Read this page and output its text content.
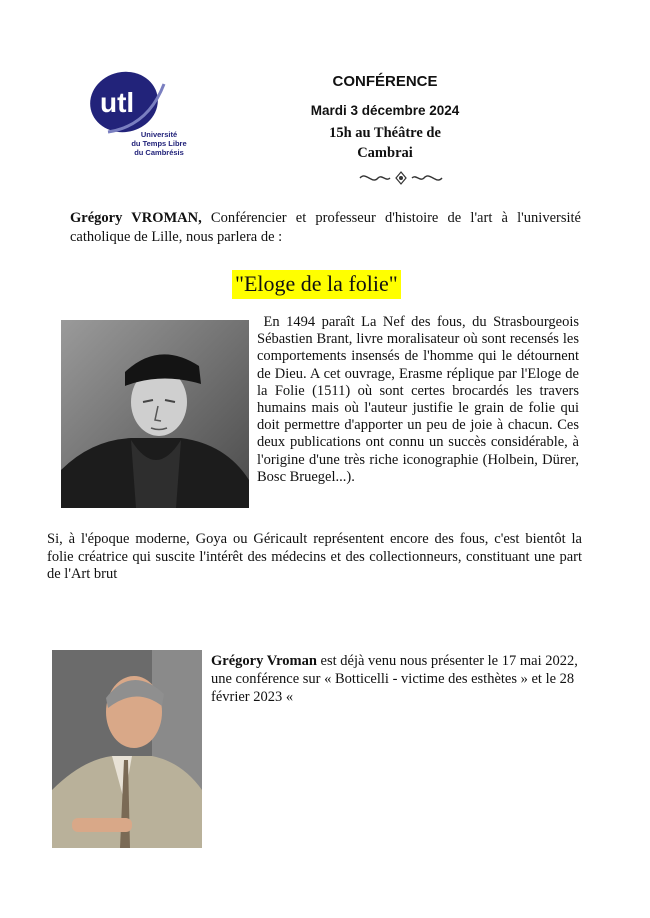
utl
Université
du Temps Libre
du Cambrésis
CONFÉRENCE
Mardi 3 décembre 2024
15h au Théâtre de
Cambrai
Grégory VROMAN, Conférencier et professeur d'histoire de l'art à l'université catholique de Lille, nous parlera de :
"Eloge de la folie"
En 1494 paraît La Nef des fous, du Strasbourgeois Sébastien Brant, livre moralisateur où sont recensés les comportements insensés de l'homme qui le détournent de Dieu. A cet ouvrage, Erasme réplique par l'Eloge de la Folie (1511) où sont certes brocardés les travers humains mais où l'auteur justifie le grain de folie qui doit permettre d'apporter un peu de joie à chacun. Ces deux publications ont connu un succès considérable, à l'origine d'une très riche iconographie (Holbein, Dürer, Bosc Bruegel...).
Si, à l'époque moderne, Goya ou Géricault représentent encore des fous, c'est bientôt la folie créatrice qui suscite l'intérêt des médecins et des collectionneurs, constituant une part de l'Art brut
Grégory Vroman est déjà venu nous présenter le 17 mai 2022, une conférence sur « Botticelli - victime des esthètes » et le 28 février 2023 «
